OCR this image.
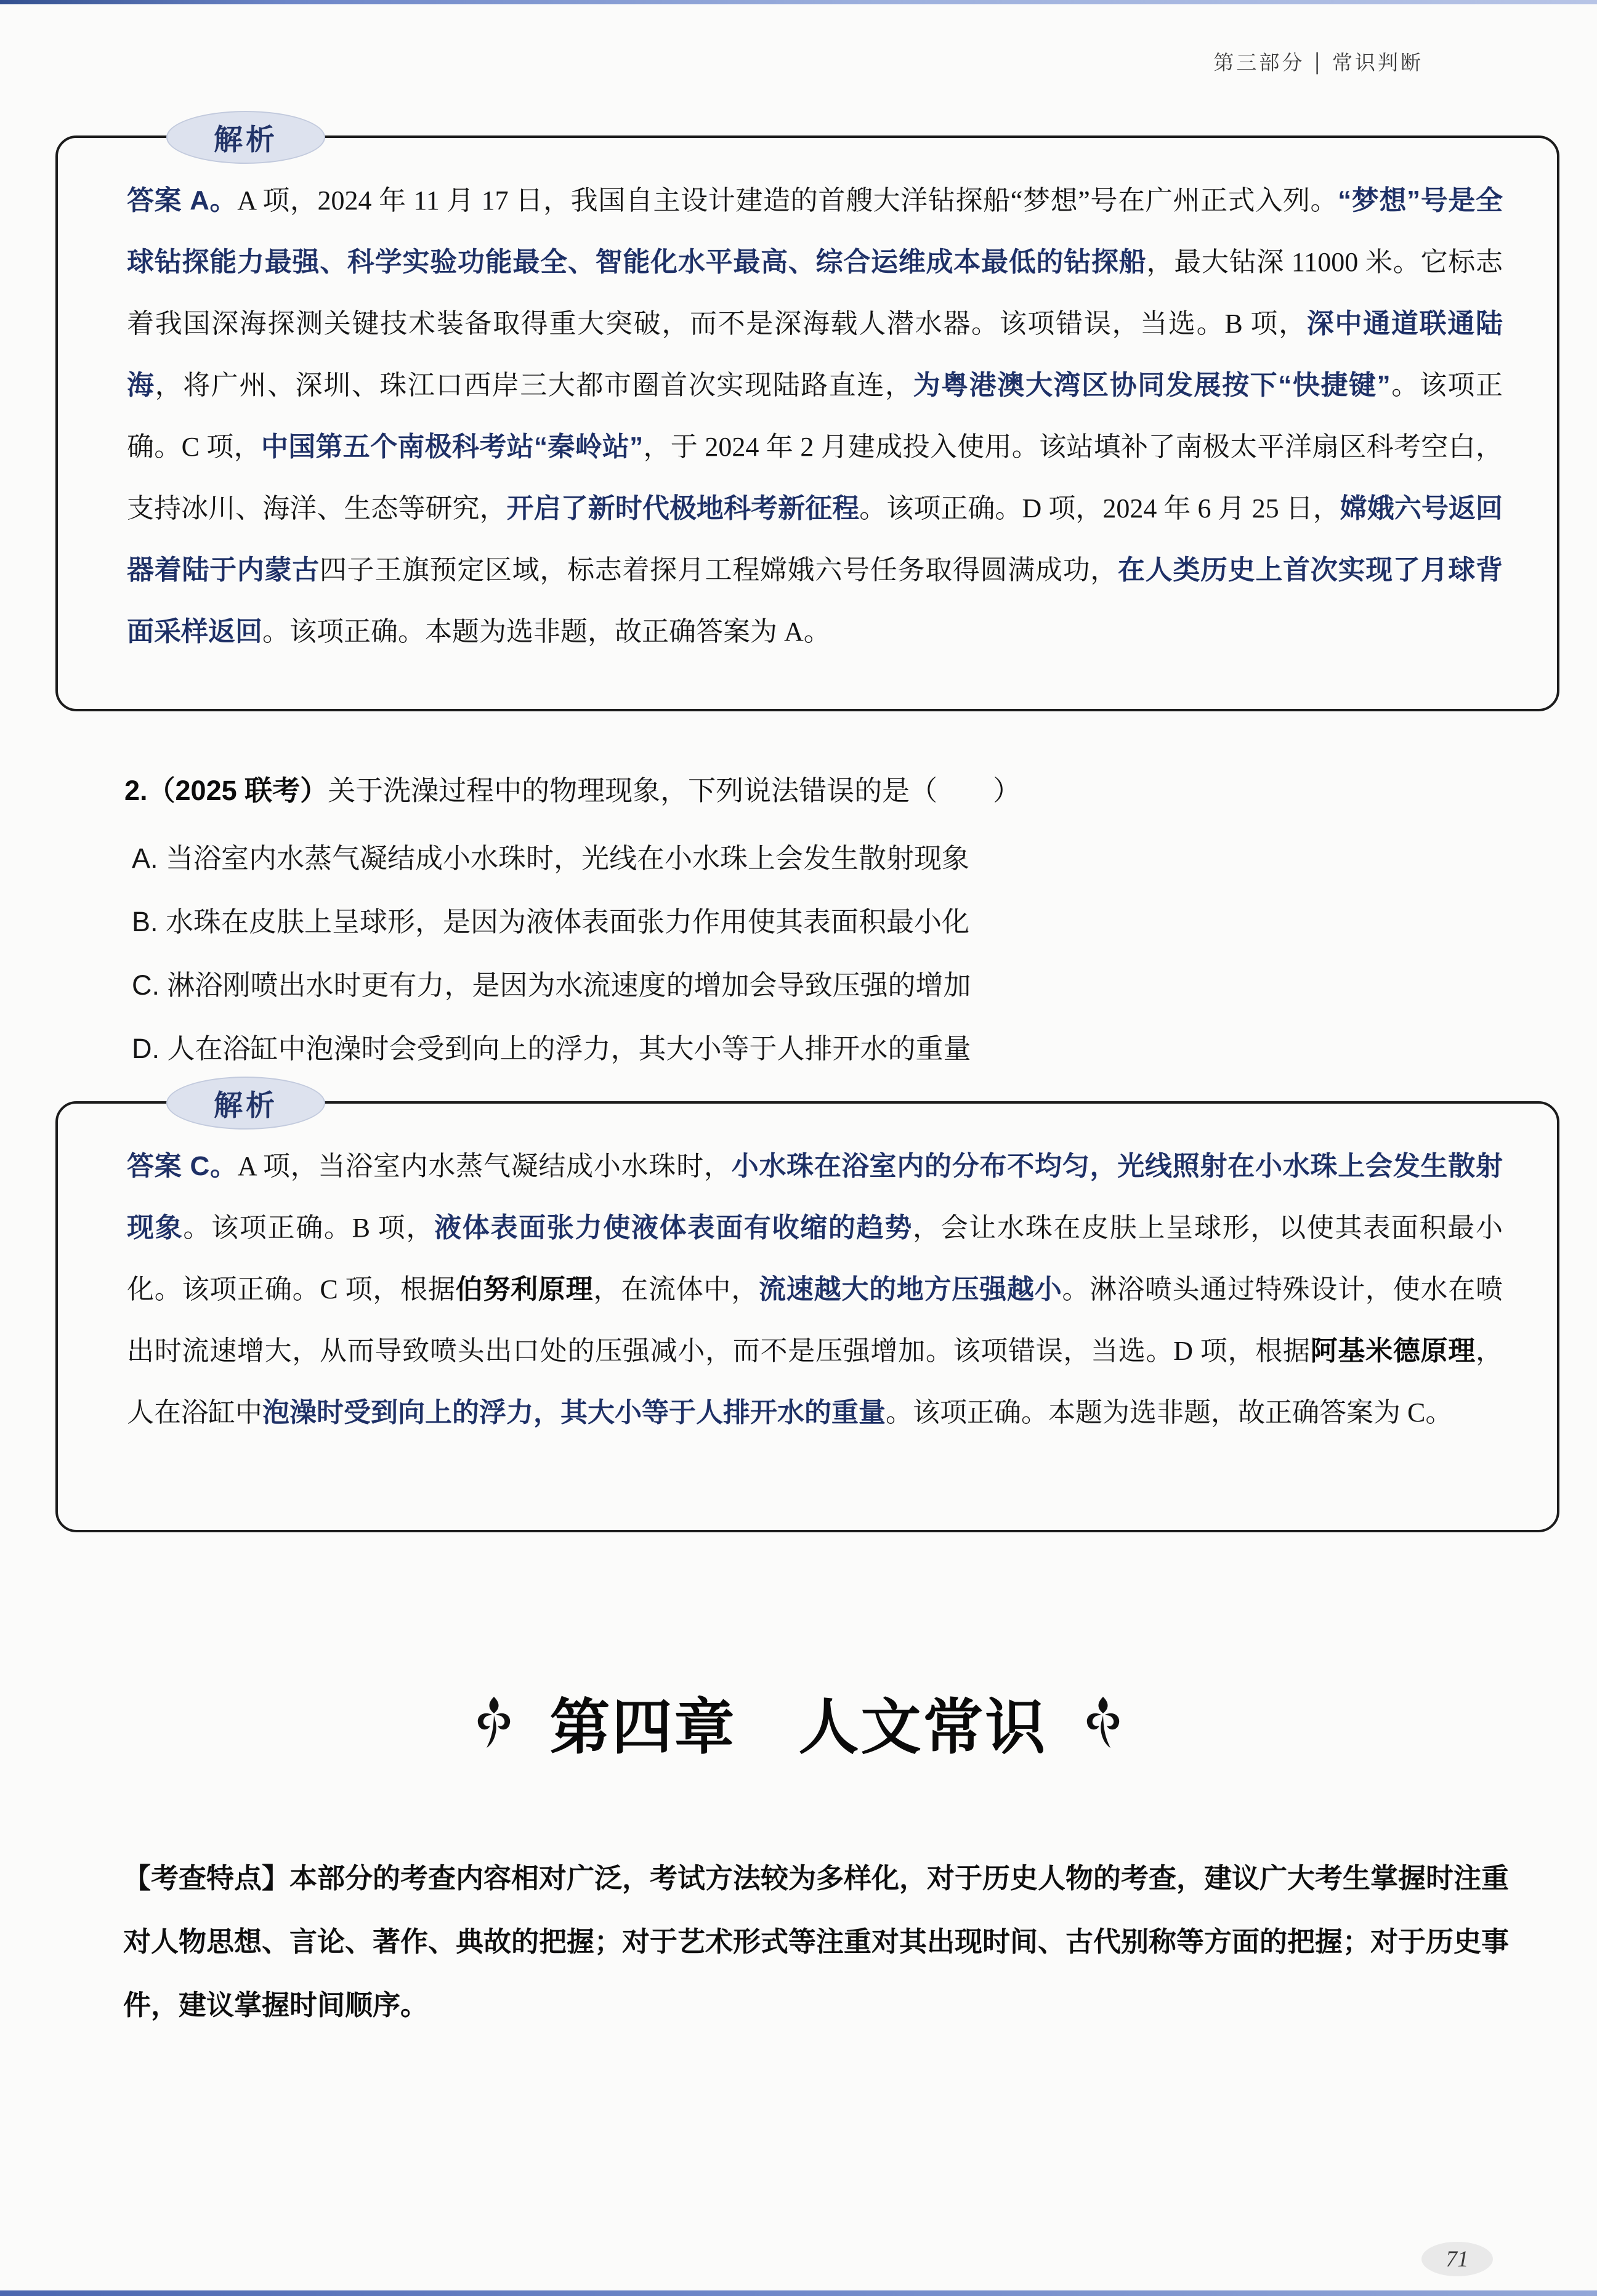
第三部分 | 常识判断
解析

答案 A。A 项，2024 年 11 月 17 日，我国自主设计建造的首艘大洋钻探船“梦想”号在广州正式入列。“梦想”号是全球钻探能力最强、科学实验功能最全、智能化水平最高、综合运维成本最低的钻探船，最大钻深 11000 米。它标志着我国深海探测关键技术装备取得重大突破，而不是深海载人潜水器。该项错误，当选。B 项，深中通道联通陆海，将广州、深圳、珠江口西岸三大都市圈首次实现陆路直连，为粤港澳大湾区协同发展按下“快捷键”。该项正确。C 项，中国第五个南极科考站“秦岭站”，于 2024 年 2 月建成投入使用。该站填补了南极太平洋扇区科考空白，支持冰川、海洋、生态等研究，开启了新时代极地科考新征程。该项正确。D 项，2024 年 6 月 25 日，嫦娥六号返回器着陆于内蒙古四子王旗预定区域，标志着探月工程嫦娥六号任务取得圆满成功，在人类历史上首次实现了月球背面采样返回。该项正确。本题为选非题，故正确答案为 A。

2.（2025 联考）关于洗澡过程中的物理现象，下列说法错误的是（　　）

A. 当浴室内水蒸气凝结成小水珠时，光线在小水珠上会发生散射现象

B. 水珠在皮肤上呈球形，是因为液体表面张力作用使其表面积最小化

C. 淋浴刚喷出水时更有力，是因为水流速度的增加会导致压强的增加

D. 人在浴缸中泡澡时会受到向上的浮力，其大小等于人排开水的重量

解析

答案 C。A 项，当浴室内水蒸气凝结成小水珠时，小水珠在浴室内的分布不均匀，光线照射在小水珠上会发生散射现象。该项正确。B 项，液体表面张力使液体表面有收缩的趋势，会让水珠在皮肤上呈球形，以使其表面积最小化。该项正确。C 项，根据伯努利原理，在流体中，流速越大的地方压强越小。淋浴喷头通过特殊设计，使水在喷出时流速增大，从而导致喷头出口处的压强减小，而不是压强增加。该项错误，当选。D 项，根据阿基米德原理，人在浴缸中泡澡时受到向上的浮力，其大小等于人排开水的重量。该项正确。本题为选非题，故正确答案为 C。

第四章　人文常识

【考查特点】本部分的考查内容相对广泛，考试方法较为多样化，对于历史人物的考查，建议广大考生掌握时注重对人物思想、言论、著作、典故的把握；对于艺术形式等注重对其出现时间、古代别称等方面的把握；对于历史事件，建议掌握时间顺序。

71
